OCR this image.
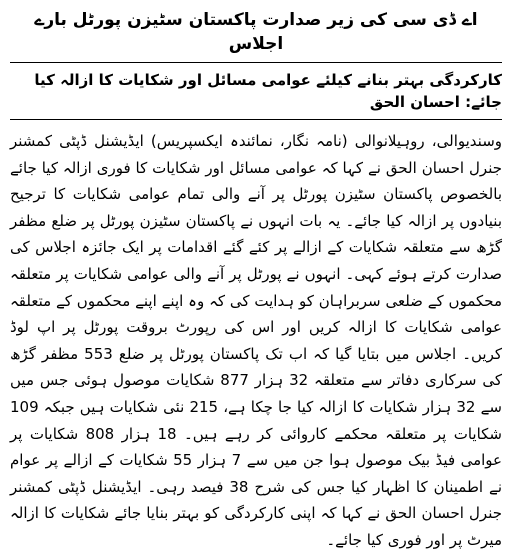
اے ڈی سی کی زیر صدارت پاکستان سٹیزن پورٹل بارے اجلاس
کارکردگی بہتر بنانے کیلئے عوامی مسائل اور شکایات کا ازالہ کیا جائے: احسان الحق

وسندیوالی، روہیلانوالی (نامہ نگار، نمائندہ ایکسپریس) ایڈیشنل ڈپٹی کمشنر جنرل احسان الحق نے کہا کہ عوامی مسائل اور شکایات کا فوری ازالہ کیا جائے بالخصوص پاکستان سٹیزن پورٹل پر آنے والی تمام عوامی شکایات کا ترجیح بنیادوں پر ازالہ کیا جائے۔ یہ بات انہوں نے پاکستان سٹیزن پورٹل پر ضلع مظفر گڑھ سے متعلقہ شکایات کے ازالے پر کئے گئے اقدامات پر ایک جائزہ اجلاس کی صدارت کرتے ہوئے کہی۔ انہوں نے پورٹل پر آنے والی عوامی شکایات پر متعلقہ محکموں کے ضلعی سربراہان کو ہدایت کی کہ وہ اپنے اپنے محکموں کے متعلقہ عوامی شکایات کا ازالہ کریں اور اس کی رپورٹ بروقت پورٹل پر اپ لوڈ کریں۔ اجلاس میں بتایا گیا کہ اب تک پاکستان پورٹل پر ضلع 553 مظفر گڑھ کی سرکاری دفاتر سے متعلقہ 32 ہزار 877 شکایات موصول ہوئی جس میں سے 32 ہزار شکایات کا ازالہ کیا جا چکا ہے، 215 نئی شکایات ہیں جبکہ 109 شکایات پر متعلقہ محکمے کاروائی کر رہے ہیں۔ 18 ہزار 808 شکایات پر عوامی فیڈ بیک موصول ہوا جن میں سے 7 ہزار 55 شکایات کے ازالے پر عوام نے اطمینان کا اظہار کیا جس کی شرح 38 فیصد رہی۔ ایڈیشنل ڈپٹی کمشنر جنرل احسان الحق نے کہا کہ اپنی کارکردگی کو بہتر بنایا جائے شکایات کا ازالہ میرٹ پر اور فوری کیا جائے۔
